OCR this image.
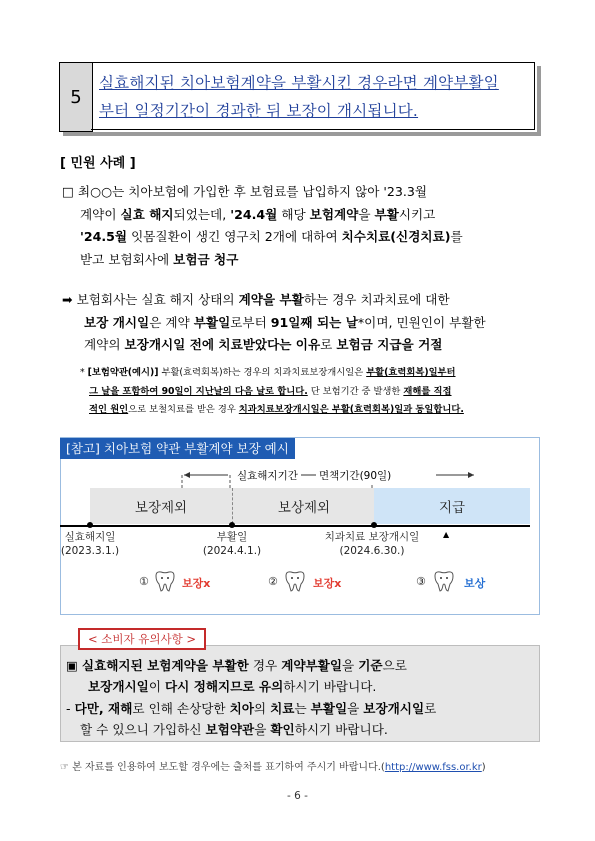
5
실효해지된 치아보험계약을 부활시킨 경우라면 계약부활일
부터 일정기간이 경과한 뒤 보장이 개시됩니다.
[ 민원 사례 ]
□ 최○○는 치아보험에 가입한 후 보험료를 납입하지 않아 '23.3월
계약이 실효 해지되었는데, '24.4월 해당 보험계약을 부활시키고
'24.5월 잇몸질환이 생긴 영구치 2개에 대하여 치수치료(신경치료)를
받고 보험회사에 보험금 청구
➡ 보험회사는 실효 해지 상태의 계약을 부활하는 경우 치과치료에 대한
보장 개시일은 계약 부활일로부터 91일째 되는 날*이며, 민원인이 부활한
계약의 보장개시일 전에 치료받았다는 이유로 보험금 지급을 거절
* [보험약관(예시)] 부활(효력회복)하는 경우의 치과치료보장개시일은 부활(효력회복)일부터
그 날을 포함하여 90일이 지난날의 다음 날로 합니다. 단 보험기간 중 발생한 재해를 직접
적인 원인으로 보철치료를 받은 경우 치과치료보장개시일은 부활(효력회복)일과 동일합니다.
[참고] 치아보험 약관 부활계약 보장 예시
실효해지기간 면책기간(90일)
보장제외	보상제외	지급
▲
실효해지일
(2023.3.1.)
부활일
(2024.4.1.)
치과치료 보장개시일
(2024.6.30.)
①	보장x	②	보장x	③	보상
< 소비자 유의사항 >
▣ 실효해지된 보험계약을 부활한 경우 계약부활일을 기준으로
보장개시일이 다시 정해지므로 유의하시기 바랍니다.
- 다만, 재해로 인해 손상당한 치아의 치료는 부활일을 보장개시일로
할 수 있으니 가입하신 보험약관을 확인하시기 바랍니다.
☞ 본 자료를 인용하여 보도할 경우에는 출처를 표기하여 주시기 바랍니다.(http://www.fss.or.kr)
- 6 -
